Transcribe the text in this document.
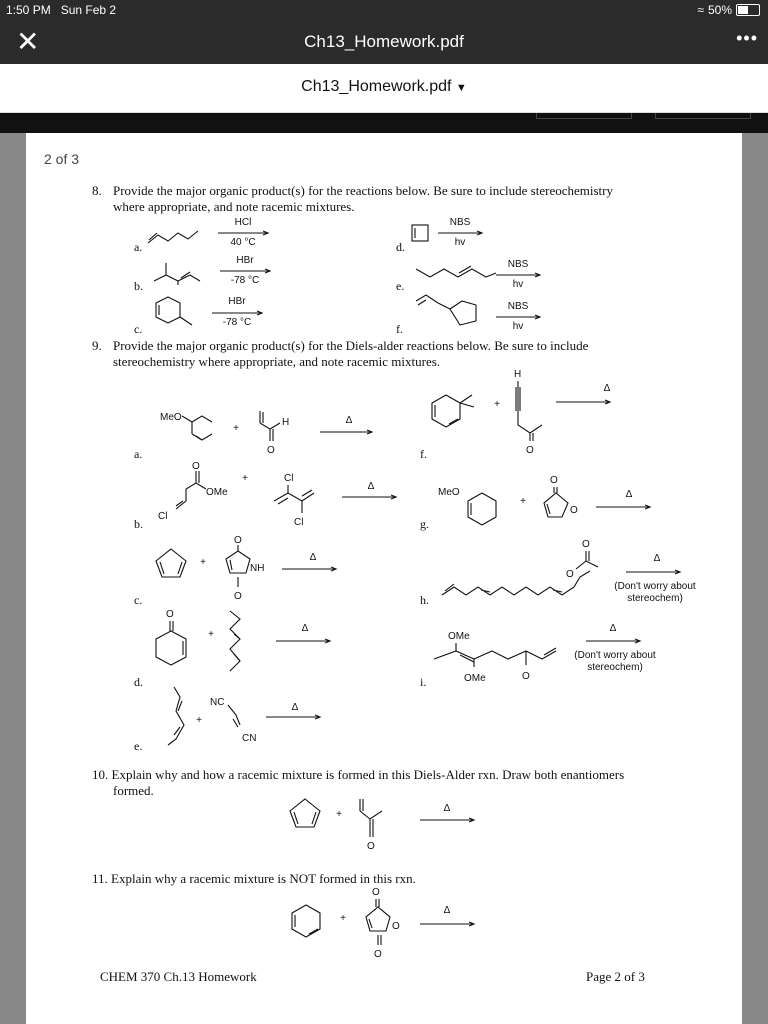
1:50 PM Sun Feb 2	≈ 50%
✕	Ch13_Homework.pdf	•••
Ch13_Homework.pdf ▼
2 of 3
8. Provide the major organic product(s) for the reactions below. Be sure to include stereochemistry
where appropriate, and note racemic mixtures.
a.
b.
c.
d.
e.
f.
HCl
40 °C
HBr
-78 °C
HBr
-78 °C
NBS
hv
NBS
hv
NBS
hv
9. Provide the major organic product(s) for the Diels-alder reactions below. Be sure to include
stereochemistry where appropriate, and note racemic mixtures.
a.
b.
c.
d.
e.
f.
g.
h.
i.
MeO
+
H
O
Δ
O
OMe
Cl
+	Cl
Cl
Δ
+
O
NH
O
Δ
O
+
Δ
+
NC
CN
Δ
+
H
O
Δ
MeO
+
O
O
Δ
O
O
Δ
(Don't worry about
stereochem)
OMe
OMe	O
Δ
(Don't worry about
stereochem)
10. Explain why and how a racemic mixture is formed in this Diels-Alder rxn. Draw both enantiomers
formed.
+
O
Δ
11. Explain why a racemic mixture is NOT formed in this rxn.
+
O
O
O
Δ
CHEM 370 Ch.13 Homework	Page 2 of 3
